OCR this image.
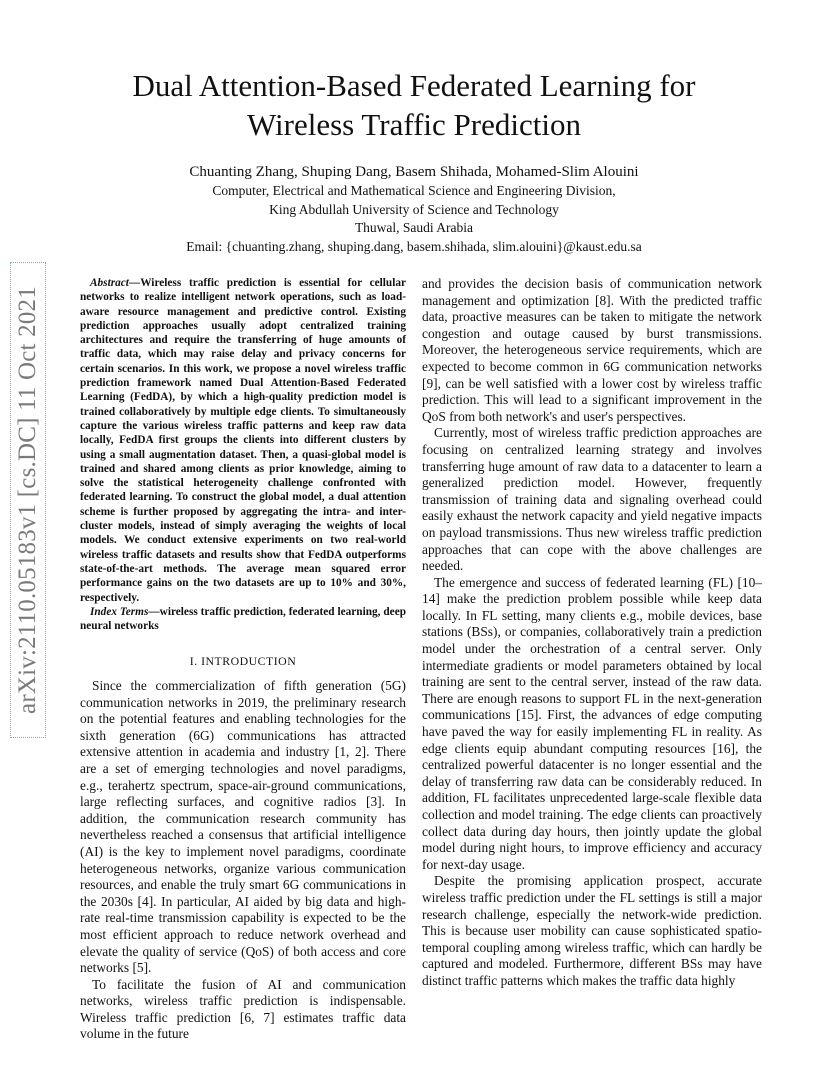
arXiv:2110.05183v1 [cs.DC] 11 Oct 2021
Dual Attention-Based Federated Learning for
Wireless Traffic Prediction
Chuanting Zhang, Shuping Dang, Basem Shihada, Mohamed-Slim Alouini
Computer, Electrical and Mathematical Science and Engineering Division,
King Abdullah University of Science and Technology
Thuwal, Saudi Arabia
Email: {chuanting.zhang, shuping.dang, basem.shihada, slim.alouini}@kaust.edu.sa

Abstract—Wireless traffic prediction is essential for cellular networks to realize intelligent network operations, such as load-aware resource management and predictive control. Existing prediction approaches usually adopt centralized training architectures and require the transferring of huge amounts of traffic data, which may raise delay and privacy concerns for certain scenarios. In this work, we propose a novel wireless traffic prediction framework named Dual Attention-Based Federated Learning (FedDA), by which a high-quality prediction model is trained collaboratively by multiple edge clients. To simultaneously capture the various wireless traffic patterns and keep raw data locally, FedDA first groups the clients into different clusters by using a small augmentation dataset. Then, a quasi-global model is trained and shared among clients as prior knowledge, aiming to solve the statistical heterogeneity challenge confronted with federated learning. To construct the global model, a dual attention scheme is further proposed by aggregating the intra- and inter-cluster models, instead of simply averaging the weights of local models. We conduct extensive experiments on two real-world wireless traffic datasets and results show that FedDA outperforms state-of-the-art methods. The average mean squared error performance gains on the two datasets are up to 10% and 30%, respectively.

Index Terms—wireless traffic prediction, federated learning, deep neural networks

I. INTRODUCTION

Since the commercialization of fifth generation (5G) communication networks in 2019, the preliminary research on the potential features and enabling technologies for the sixth generation (6G) communications has attracted extensive attention in academia and industry [1, 2]. There are a set of emerging technologies and novel paradigms, e.g., terahertz spectrum, space-air-ground communications, large reflecting surfaces, and cognitive radios [3]. In addition, the communication research community has nevertheless reached a consensus that artificial intelligence (AI) is the key to implement novel paradigms, coordinate heterogeneous networks, organize various communication resources, and enable the truly smart 6G communications in the 2030s [4]. In particular, AI aided by big data and high-rate real-time transmission capability is expected to be the most efficient approach to reduce network overhead and elevate the quality of service (QoS) of both access and core networks [5].

To facilitate the fusion of AI and communication networks, wireless traffic prediction is indispensable. Wireless traffic prediction [6, 7] estimates traffic data volume in the future

and provides the decision basis of communication network management and optimization [8]. With the predicted traffic data, proactive measures can be taken to mitigate the network congestion and outage caused by burst transmissions. Moreover, the heterogeneous service requirements, which are expected to become common in 6G communication networks [9], can be well satisfied with a lower cost by wireless traffic prediction. This will lead to a significant improvement in the QoS from both network's and user's perspectives.

Currently, most of wireless traffic prediction approaches are focusing on centralized learning strategy and involves transferring huge amount of raw data to a datacenter to learn a generalized prediction model. However, frequently transmission of training data and signaling overhead could easily exhaust the network capacity and yield negative impacts on payload transmissions. Thus new wireless traffic prediction approaches that can cope with the above challenges are needed.

The emergence and success of federated learning (FL) [10–14] make the prediction problem possible while keep data locally. In FL setting, many clients e.g., mobile devices, base stations (BSs), or companies, collaboratively train a prediction model under the orchestration of a central server. Only intermediate gradients or model parameters obtained by local training are sent to the central server, instead of the raw data. There are enough reasons to support FL in the next-generation communications [15]. First, the advances of edge computing have paved the way for easily implementing FL in reality. As edge clients equip abundant computing resources [16], the centralized powerful datacenter is no longer essential and the delay of transferring raw data can be considerably reduced. In addition, FL facilitates unprecedented large-scale flexible data collection and model training. The edge clients can proactively collect data during day hours, then jointly update the global model during night hours, to improve efficiency and accuracy for next-day usage.

Despite the promising application prospect, accurate wireless traffic prediction under the FL settings is still a major research challenge, especially the network-wide prediction. This is because user mobility can cause sophisticated spatio-temporal coupling among wireless traffic, which can hardly be captured and modeled. Furthermore, different BSs may have distinct traffic patterns which makes the traffic data highly
